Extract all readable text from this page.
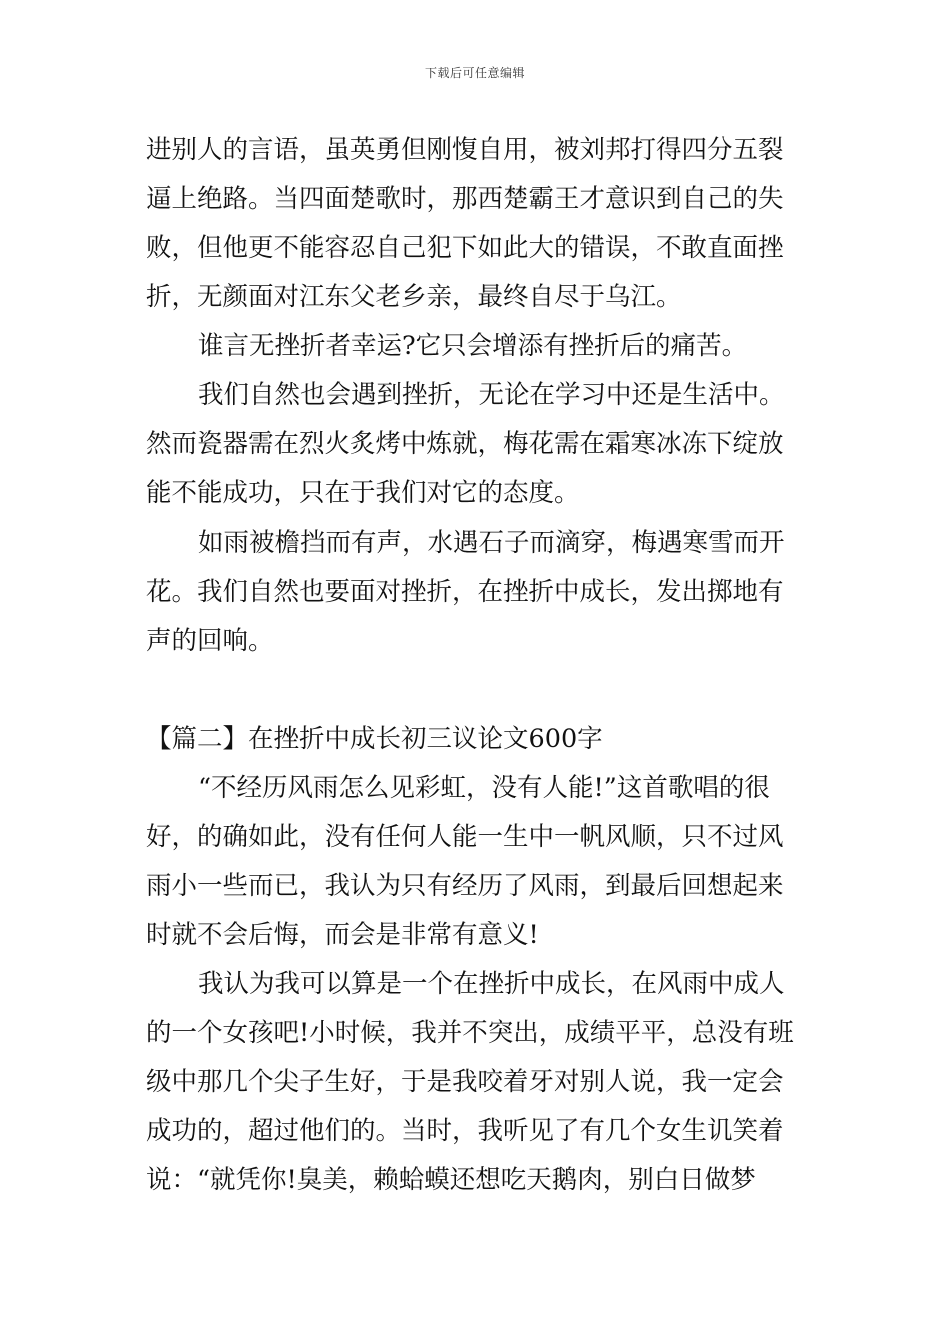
下载后可任意编辑
进别人的言语，虽英勇但刚愎自用，被刘邦打得四分五裂
逼上绝路。当四面楚歌时，那西楚霸王才意识到自己的失
败，但他更不能容忍自己犯下如此大的错误，不敢直面挫
折，无颜面对江东父老乡亲，最终自尽于乌江。
谁言无挫折者幸运?它只会增添有挫折后的痛苦。
我们自然也会遇到挫折，无论在学习中还是生活中。
然而瓷器需在烈火炙烤中炼就，梅花需在霜寒冰冻下绽放
能不能成功，只在于我们对它的态度。
如雨被檐挡而有声，水遇石子而滴穿，梅遇寒雪而开
花。我们自然也要面对挫折，在挫折中成长，发出掷地有
声的回响。
【篇二】在挫折中成长初三议论文600字
“不经历风雨怎么见彩虹，没有人能!”这首歌唱的很
好，的确如此，没有任何人能一生中一帆风顺，只不过风
雨小一些而已，我认为只有经历了风雨，到最后回想起来
时就不会后悔，而会是非常有意义!
我认为我可以算是一个在挫折中成长，在风雨中成人
的一个女孩吧!小时候，我并不突出，成绩平平，总没有班
级中那几个尖子生好，于是我咬着牙对别人说，我一定会
成功的，超过他们的。当时，我听见了有几个女生讥笑着
说：“就凭你!臭美，赖蛤蟆还想吃天鹅肉，别白日做梦
